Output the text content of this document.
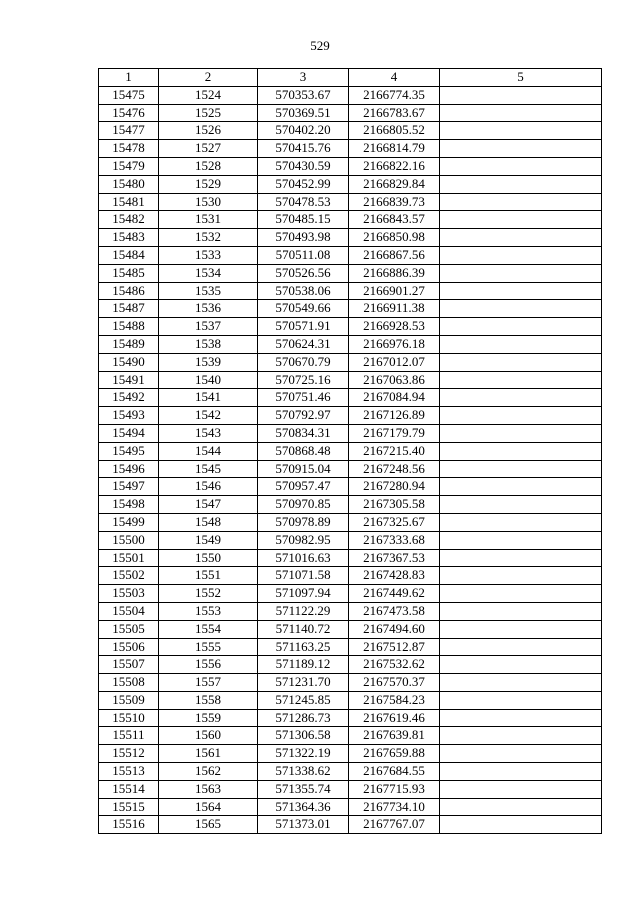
529
1	2	3	4	5
15475	1524	570353.67	2166774.35	
15476	1525	570369.51	2166783.67	
15477	1526	570402.20	2166805.52	
15478	1527	570415.76	2166814.79	
15479	1528	570430.59	2166822.16	
15480	1529	570452.99	2166829.84	
15481	1530	570478.53	2166839.73	
15482	1531	570485.15	2166843.57	
15483	1532	570493.98	2166850.98	
15484	1533	570511.08	2166867.56	
15485	1534	570526.56	2166886.39	
15486	1535	570538.06	2166901.27	
15487	1536	570549.66	2166911.38	
15488	1537	570571.91	2166928.53	
15489	1538	570624.31	2166976.18	
15490	1539	570670.79	2167012.07	
15491	1540	570725.16	2167063.86	
15492	1541	570751.46	2167084.94	
15493	1542	570792.97	2167126.89	
15494	1543	570834.31	2167179.79	
15495	1544	570868.48	2167215.40	
15496	1545	570915.04	2167248.56	
15497	1546	570957.47	2167280.94	
15498	1547	570970.85	2167305.58	
15499	1548	570978.89	2167325.67	
15500	1549	570982.95	2167333.68	
15501	1550	571016.63	2167367.53	
15502	1551	571071.58	2167428.83	
15503	1552	571097.94	2167449.62	
15504	1553	571122.29	2167473.58	
15505	1554	571140.72	2167494.60	
15506	1555	571163.25	2167512.87	
15507	1556	571189.12	2167532.62	
15508	1557	571231.70	2167570.37	
15509	1558	571245.85	2167584.23	
15510	1559	571286.73	2167619.46	
15511	1560	571306.58	2167639.81	
15512	1561	571322.19	2167659.88	
15513	1562	571338.62	2167684.55	
15514	1563	571355.74	2167715.93	
15515	1564	571364.36	2167734.10	
15516	1565	571373.01	2167767.07	
